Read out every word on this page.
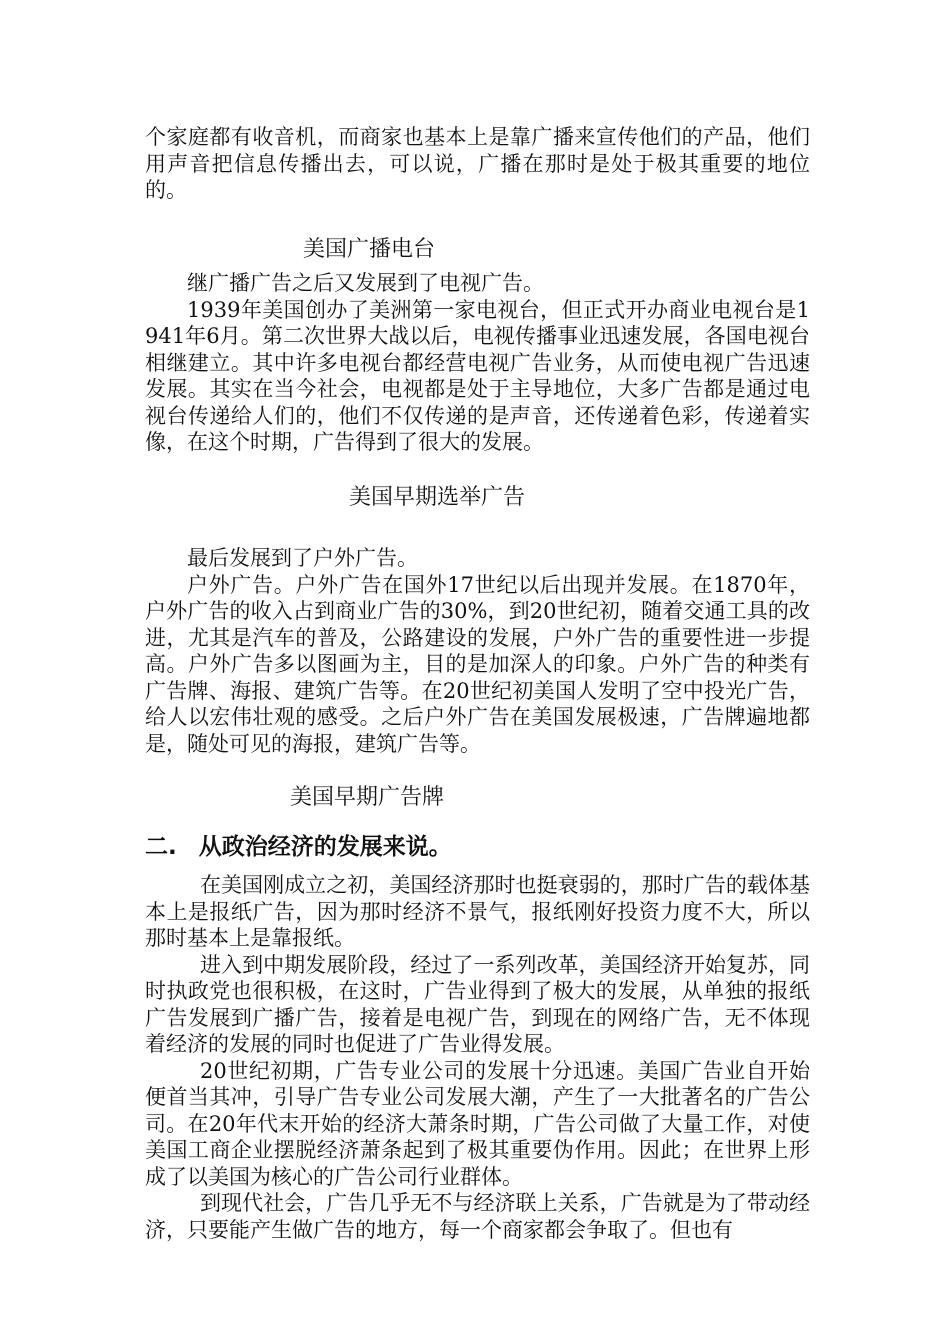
个家庭都有收音机，而商家也基本上是靠广播来宣传他们的产品，他们用声音把信息传播出去，可以说，广播在那时是处于极其重要的地位的。

美国广播电台

继广播广告之后又发展到了电视广告。

1939年美国创办了美洲第一家电视台，但正式开办商业电视台是1941年6月。第二次世界大战以后，电视传播事业迅速发展，各国电视台相继建立。其中许多电视台都经营电视广告业务，从而使电视广告迅速发展。其实在当今社会，电视都是处于主导地位，大多广告都是通过电视台传递给人们的，他们不仅传递的是声音，还传递着色彩，传递着实像，在这个时期，广告得到了很大的发展。

美国早期选举广告

最后发展到了户外广告。

户外广告。户外广告在国外17世纪以后出现并发展。在1870年，户外广告的收入占到商业广告的30%，到20世纪初，随着交通工具的改进，尤其是汽车的普及，公路建设的发展，户外广告的重要性进一步提高。户外广告多以图画为主，目的是加深人的印象。户外广告的种类有广告牌、海报、建筑广告等。在20世纪初美国人发明了空中投光广告，给人以宏伟壮观的感受。之后户外广告在美国发展极速，广告牌遍地都是，随处可见的海报，建筑广告等。

美国早期广告牌

二. 从政治经济的发展来说。

在美国刚成立之初，美国经济那时也挺衰弱的，那时广告的载体基本上是报纸广告，因为那时经济不景气，报纸刚好投资力度不大，所以那时基本上是靠报纸。

进入到中期发展阶段，经过了一系列改革，美国经济开始复苏，同时执政党也很积极，在这时，广告业得到了极大的发展，从单独的报纸广告发展到广播广告，接着是电视广告，到现在的网络广告，无不体现着经济的发展的同时也促进了广告业得发展。

20世纪初期，广告专业公司的发展十分迅速。美国广告业自开始便首当其冲，引导广告专业公司发展大潮，产生了一大批著名的广告公司。在20年代末开始的经济大萧条时期，广告公司做了大量工作，对使美国工商企业摆脱经济萧条起到了极其重要伪作用。因此；在世界上形成了以美国为核心的广告公司行业群体。

到现代社会，广告几乎无不与经济联上关系，广告就是为了带动经济，只要能产生做广告的地方，每一个商家都会争取了。但也有
